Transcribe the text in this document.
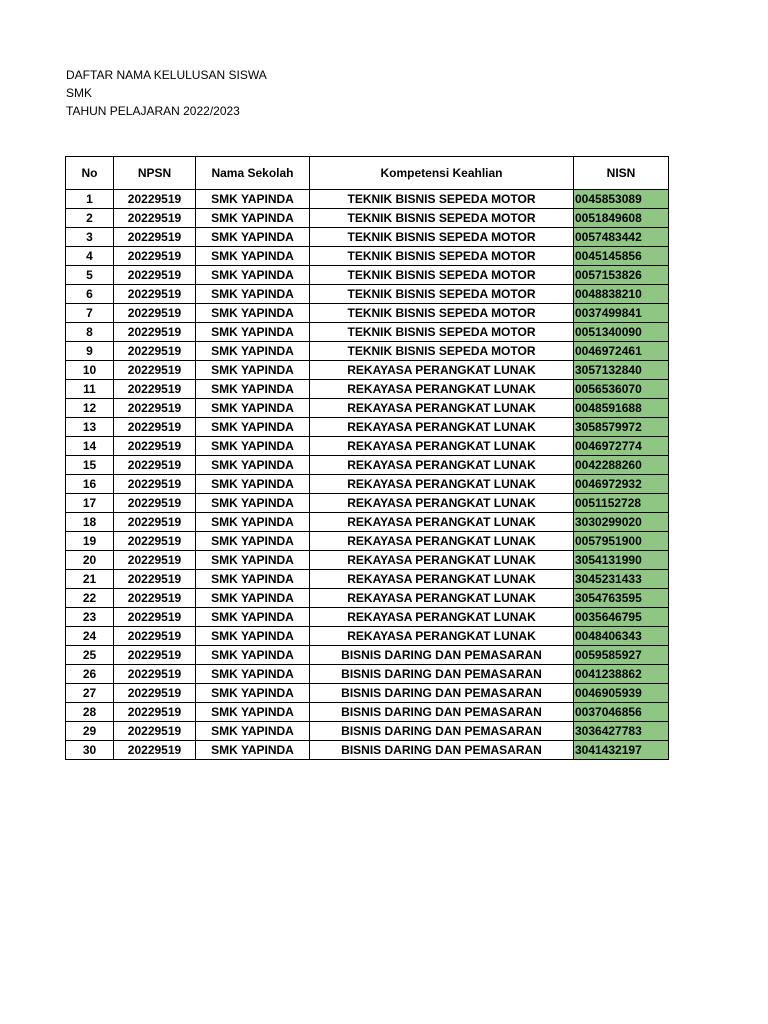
DAFTAR NAMA KELULUSAN SISWA
SMK
TAHUN PELAJARAN 2022/2023
No	NPSN	Nama Sekolah	Kompetensi Keahlian	NISN
1	20229519	SMK YAPINDA	TEKNIK BISNIS SEPEDA MOTOR	0045853089
2	20229519	SMK YAPINDA	TEKNIK BISNIS SEPEDA MOTOR	0051849608
3	20229519	SMK YAPINDA	TEKNIK BISNIS SEPEDA MOTOR	0057483442
4	20229519	SMK YAPINDA	TEKNIK BISNIS SEPEDA MOTOR	0045145856
5	20229519	SMK YAPINDA	TEKNIK BISNIS SEPEDA MOTOR	0057153826
6	20229519	SMK YAPINDA	TEKNIK BISNIS SEPEDA MOTOR	0048838210
7	20229519	SMK YAPINDA	TEKNIK BISNIS SEPEDA MOTOR	0037499841
8	20229519	SMK YAPINDA	TEKNIK BISNIS SEPEDA MOTOR	0051340090
9	20229519	SMK YAPINDA	TEKNIK BISNIS SEPEDA MOTOR	0046972461
10	20229519	SMK YAPINDA	REKAYASA PERANGKAT LUNAK	3057132840
11	20229519	SMK YAPINDA	REKAYASA PERANGKAT LUNAK	0056536070
12	20229519	SMK YAPINDA	REKAYASA PERANGKAT LUNAK	0048591688
13	20229519	SMK YAPINDA	REKAYASA PERANGKAT LUNAK	3058579972
14	20229519	SMK YAPINDA	REKAYASA PERANGKAT LUNAK	0046972774
15	20229519	SMK YAPINDA	REKAYASA PERANGKAT LUNAK	0042288260
16	20229519	SMK YAPINDA	REKAYASA PERANGKAT LUNAK	0046972932
17	20229519	SMK YAPINDA	REKAYASA PERANGKAT LUNAK	0051152728
18	20229519	SMK YAPINDA	REKAYASA PERANGKAT LUNAK	3030299020
19	20229519	SMK YAPINDA	REKAYASA PERANGKAT LUNAK	0057951900
20	20229519	SMK YAPINDA	REKAYASA PERANGKAT LUNAK	3054131990
21	20229519	SMK YAPINDA	REKAYASA PERANGKAT LUNAK	3045231433
22	20229519	SMK YAPINDA	REKAYASA PERANGKAT LUNAK	3054763595
23	20229519	SMK YAPINDA	REKAYASA PERANGKAT LUNAK	0035646795
24	20229519	SMK YAPINDA	REKAYASA PERANGKAT LUNAK	0048406343
25	20229519	SMK YAPINDA	BISNIS DARING DAN PEMASARAN	0059585927
26	20229519	SMK YAPINDA	BISNIS DARING DAN PEMASARAN	0041238862
27	20229519	SMK YAPINDA	BISNIS DARING DAN PEMASARAN	0046905939
28	20229519	SMK YAPINDA	BISNIS DARING DAN PEMASARAN	0037046856
29	20229519	SMK YAPINDA	BISNIS DARING DAN PEMASARAN	3036427783
30	20229519	SMK YAPINDA	BISNIS DARING DAN PEMASARAN	3041432197
